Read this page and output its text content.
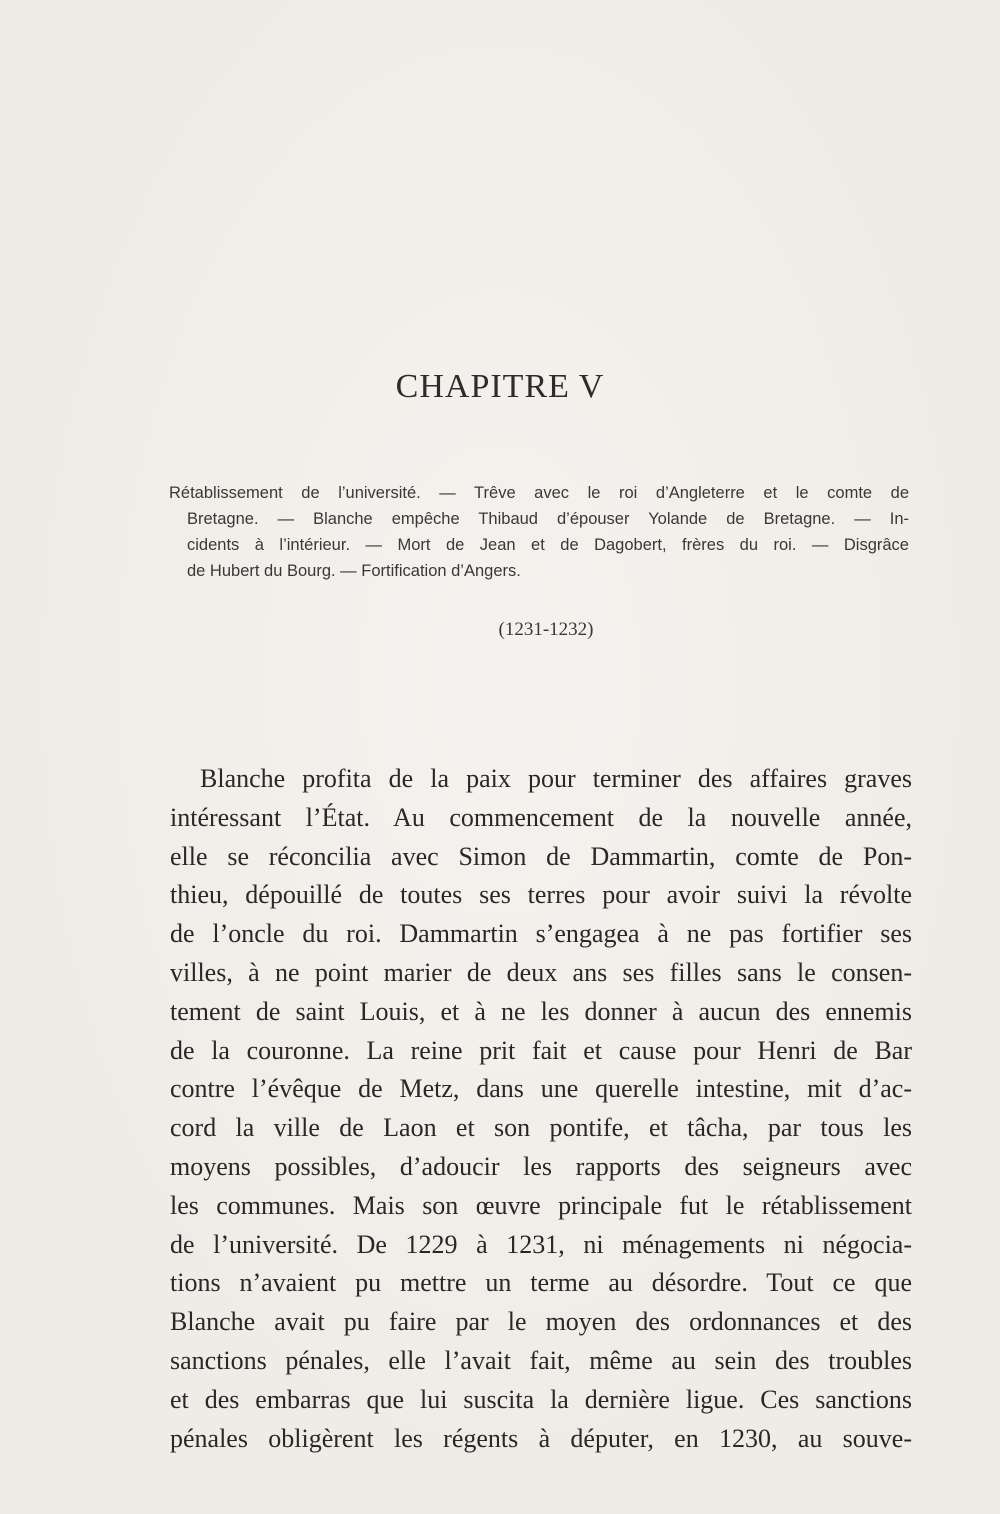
CHAPITRE V
Rétablissement de l’université. — Trêve avec le roi d’Angleterre et le comte de
Bretagne. — Blanche empêche Thibaud d’épouser Yolande de Bretagne. — In-
cidents à l’intérieur. — Mort de Jean et de Dagobert, frères du roi. — Disgrâce
de Hubert du Bourg. — Fortification d’Angers.

(1231-1232)

Blanche profita de la paix pour terminer des affaires graves
intéressant l’État. Au commencement de la nouvelle année,
elle se réconcilia avec Simon de Dammartin, comte de Pon-
thieu, dépouillé de toutes ses terres pour avoir suivi la révolte
de l’oncle du roi. Dammartin s’engagea à ne pas fortifier ses
villes, à ne point marier de deux ans ses filles sans le consen-
tement de saint Louis, et à ne les donner à aucun des ennemis
de la couronne. La reine prit fait et cause pour Henri de Bar
contre l’évêque de Metz, dans une querelle intestine, mit d’ac-
cord la ville de Laon et son pontife, et tâcha, par tous les
moyens possibles, d’adoucir les rapports des seigneurs avec
les communes. Mais son œuvre principale fut le rétablissement
de l’université. De 1229 à 1231, ni ménagements ni négocia-
tions n’avaient pu mettre un terme au désordre. Tout ce que
Blanche avait pu faire par le moyen des ordonnances et des
sanctions pénales, elle l’avait fait, même au sein des troubles
et des embarras que lui suscita la dernière ligue. Ces sanctions
pénales obligèrent les régents à députer, en 1230, au souve-
